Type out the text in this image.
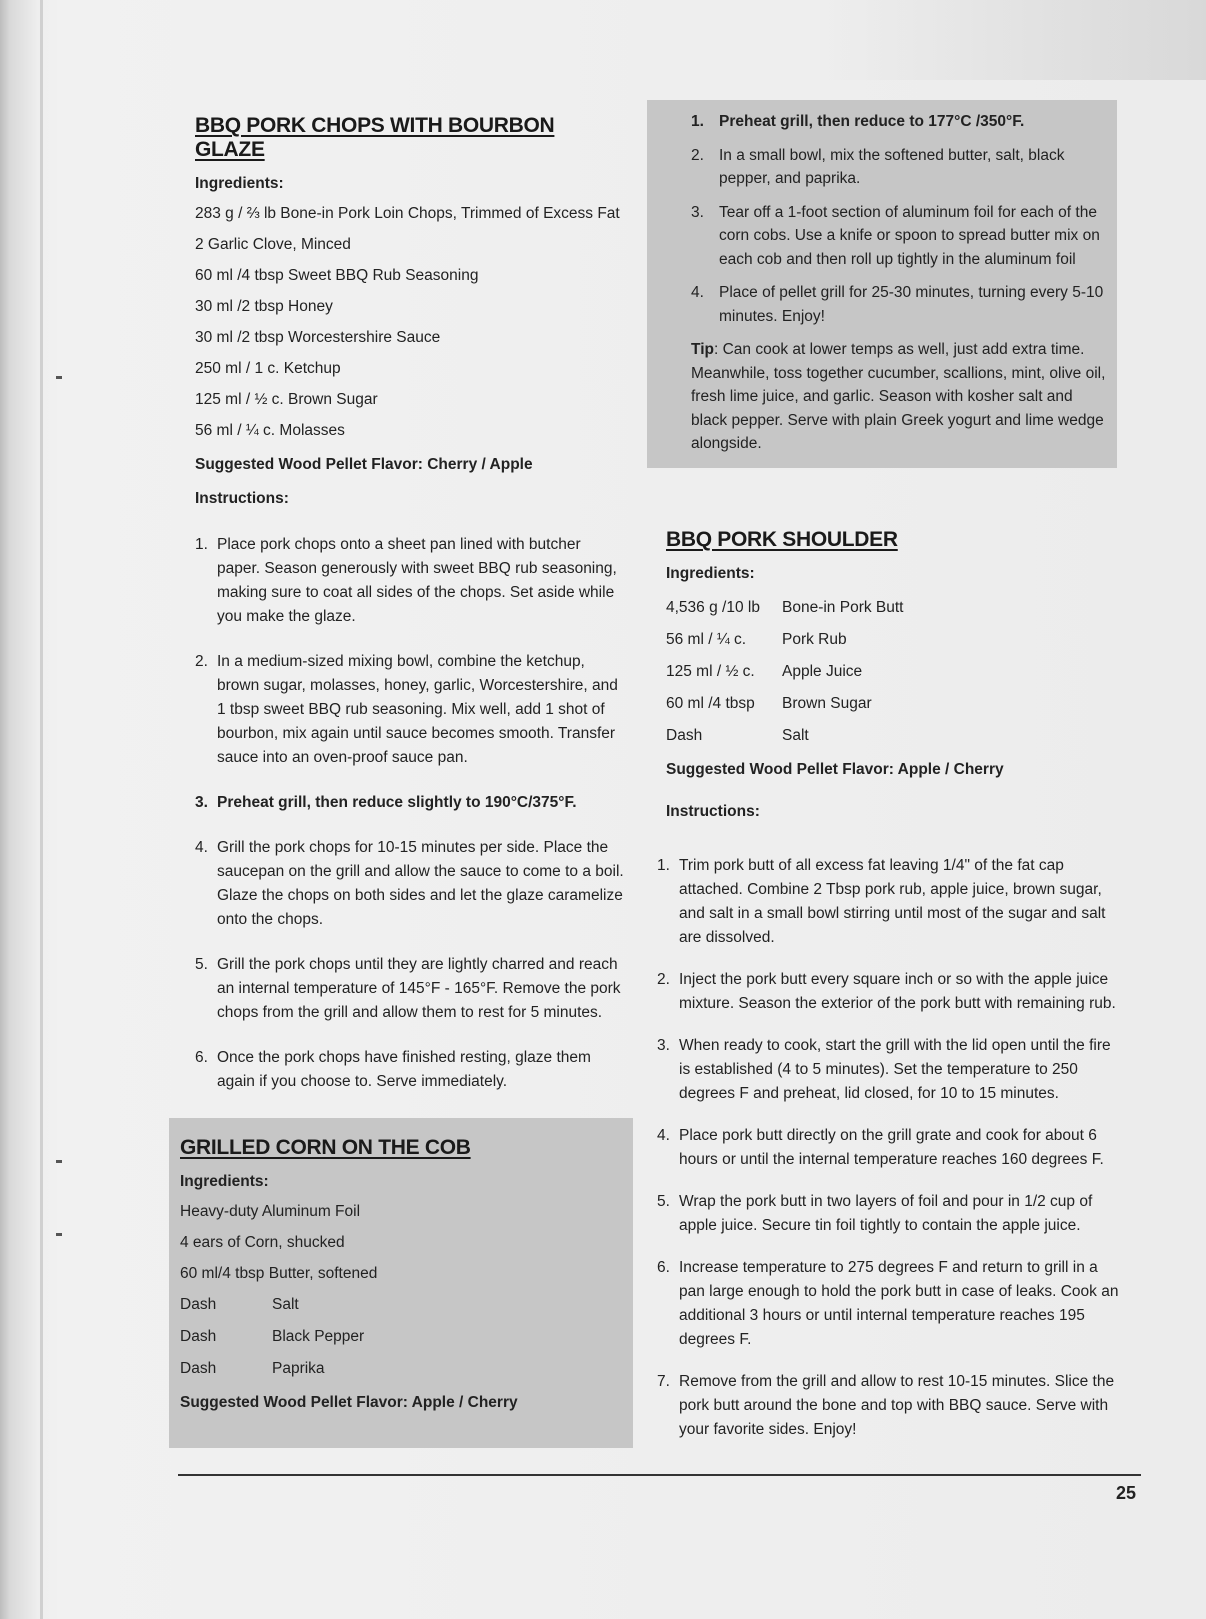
BBQ PORK CHOPS WITH BOURBON GLAZE
Ingredients:
283 g / ⅔ lb Bone-in Pork Loin Chops, Trimmed of Excess Fat
2 Garlic Clove, Minced
60 ml /4 tbsp Sweet BBQ Rub Seasoning
30 ml /2 tbsp Honey
30 ml /2 tbsp Worcestershire Sauce
250 ml / 1 c. Ketchup
125 ml / ½ c. Brown Sugar
56 ml / ¼ c. Molasses
Suggested Wood Pellet Flavor: Cherry / Apple
Instructions:
1. Place pork chops onto a sheet pan lined with butcher paper. Season generously with sweet BBQ rub seasoning, making sure to coat all sides of the chops. Set aside while you make the glaze.
2. In a medium-sized mixing bowl, combine the ketchup, brown sugar, molasses, honey, garlic, Worcestershire, and 1 tbsp sweet BBQ rub seasoning. Mix well, add 1 shot of bourbon, mix again until sauce becomes smooth. Transfer sauce into an oven-proof sauce pan.
3. Preheat grill, then reduce slightly to 190°C/375°F.
4. Grill the pork chops for 10-15 minutes per side. Place the saucepan on the grill and allow the sauce to come to a boil. Glaze the chops on both sides and let the glaze caramelize onto the chops.
5. Grill the pork chops until they are lightly charred and reach an internal temperature of 145°F - 165°F. Remove the pork chops from the grill and allow them to rest for 5 minutes.
6. Once the pork chops have finished resting, glaze them again if you choose to. Serve immediately.
GRILLED CORN ON THE COB
Ingredients:
Heavy-duty Aluminum Foil
4 ears of Corn, shucked
60 ml/4 tbsp Butter, softened
Dash	Salt
Dash	Black Pepper
Dash	Paprika
Suggested Wood Pellet Flavor: Apple / Cherry
1. Preheat grill, then reduce to 177°C /350°F.
2. In a small bowl, mix the softened butter, salt, black pepper, and paprika.
3. Tear off a 1-foot section of aluminum foil for each of the corn cobs. Use a knife or spoon to spread butter mix on each cob and then roll up tightly in the aluminum foil
4. Place of pellet grill for 25-30 minutes, turning every 5-10 minutes. Enjoy!
Tip: Can cook at lower temps as well, just add extra time. Meanwhile, toss together cucumber, scallions, mint, olive oil, fresh lime juice, and garlic. Season with kosher salt and black pepper. Serve with plain Greek yogurt and lime wedge alongside.
BBQ PORK SHOULDER
Ingredients:
4,536 g /10 lb	Bone-in Pork Butt
56 ml / ¼ c.	Pork Rub
125 ml / ½ c.	Apple Juice
60 ml /4 tbsp	Brown Sugar
Dash	Salt
Suggested Wood Pellet Flavor: Apple / Cherry
Instructions:
1. Trim pork butt of all excess fat leaving 1/4" of the fat cap attached. Combine 2 Tbsp pork rub, apple juice, brown sugar, and salt in a small bowl stirring until most of the sugar and salt are dissolved.
2. Inject the pork butt every square inch or so with the apple juice mixture. Season the exterior of the pork butt with remaining rub.
3. When ready to cook, start the grill with the lid open until the fire is established (4 to 5 minutes). Set the temperature to 250 degrees F and preheat, lid closed, for 10 to 15 minutes.
4. Place pork butt directly on the grill grate and cook for about 6 hours or until the internal temperature reaches 160 degrees F.
5. Wrap the pork butt in two layers of foil and pour in 1/2 cup of apple juice. Secure tin foil tightly to contain the apple juice.
6. Increase temperature to 275 degrees F and return to grill in a pan large enough to hold the pork butt in case of leaks. Cook an additional 3 hours or until internal temperature reaches 195 degrees F.
7. Remove from the grill and allow to rest 10-15 minutes. Slice the pork butt around the bone and top with BBQ sauce. Serve with your favorite sides. Enjoy!
25
